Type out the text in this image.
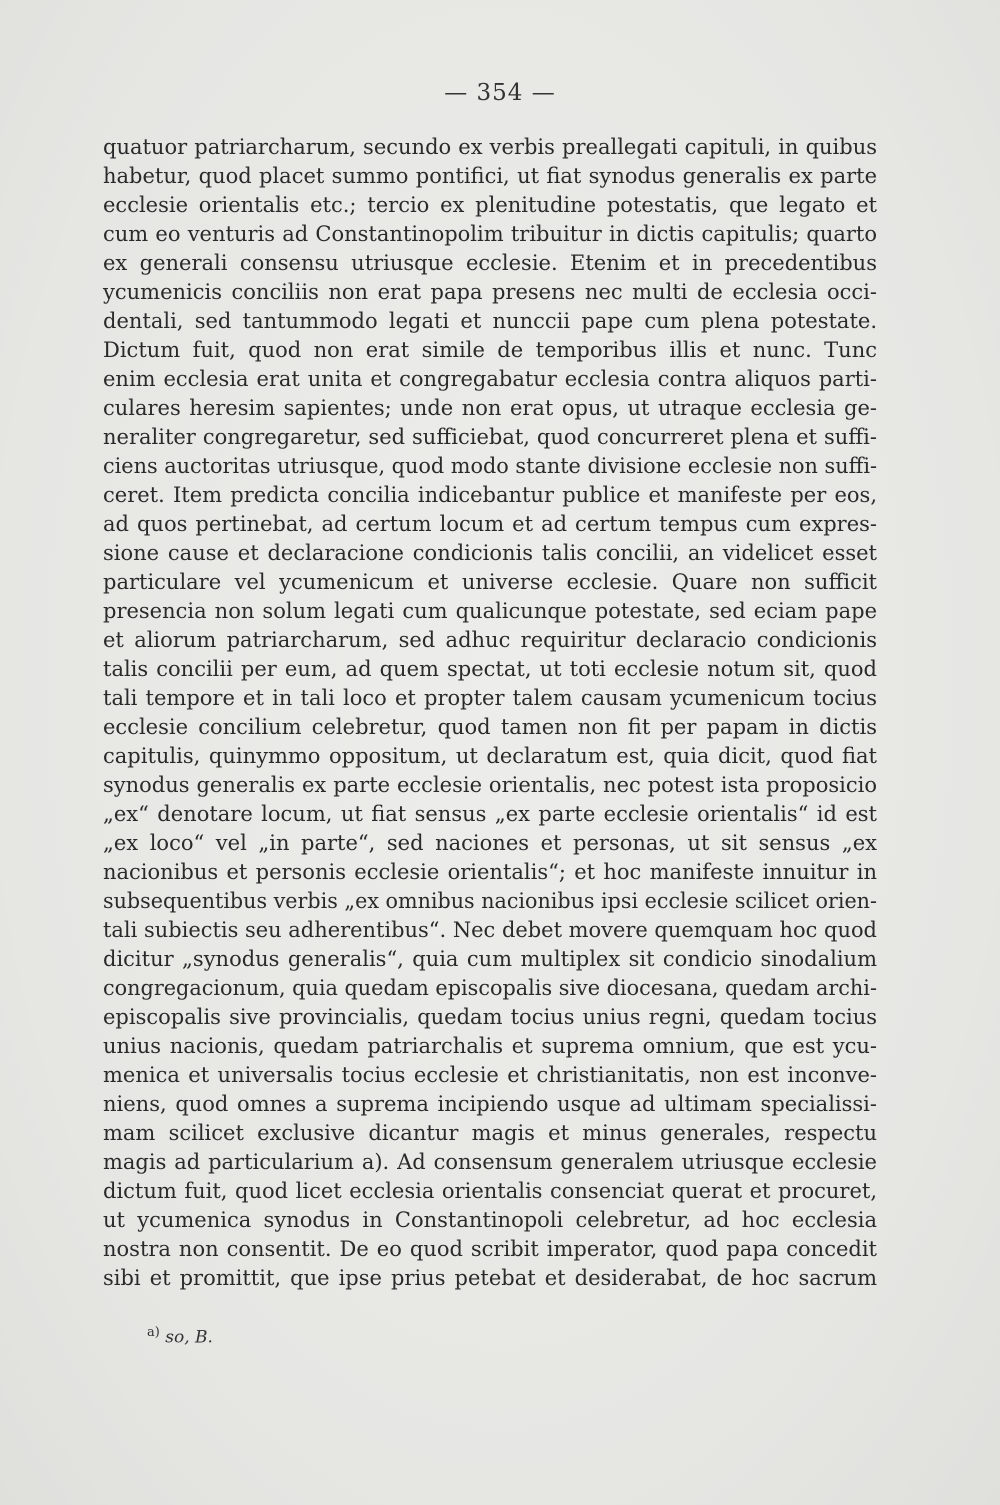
— 354 —
quatuor patriarcharum, secundo ex verbis preallegati capituli, in quibus
habetur, quod placet summo pontifici, ut fiat synodus generalis ex parte
ecclesie orientalis etc.; tercio ex plenitudine potestatis, que legato et
cum eo venturis ad Constantinopolim tribuitur in dictis capitulis; quarto
ex generali consensu utriusque ecclesie. Etenim et in precedentibus
ycumenicis conciliis non erat papa presens nec multi de ecclesia occi-
dentali, sed tantummodo legati et nunccii pape cum plena potestate.
Dictum fuit, quod non erat simile de temporibus illis et nunc. Tunc
enim ecclesia erat unita et congregabatur ecclesia contra aliquos parti-
culares heresim sapientes; unde non erat opus, ut utraque ecclesia ge-
neraliter congregaretur, sed sufficiebat, quod concurreret plena et suffi-
ciens auctoritas utriusque, quod modo stante divisione ecclesie non suffi-
ceret. Item predicta concilia indicebantur publice et manifeste per eos,
ad quos pertinebat, ad certum locum et ad certum tempus cum expres-
sione cause et declaracione condicionis talis concilii, an videlicet esset
particulare vel ycumenicum et universe ecclesie. Quare non sufficit
presencia non solum legati cum qualicunque potestate, sed eciam pape
et aliorum patriarcharum, sed adhuc requiritur declaracio condicionis
talis concilii per eum, ad quem spectat, ut toti ecclesie notum sit, quod
tali tempore et in tali loco et propter talem causam ycumenicum tocius
ecclesie concilium celebretur, quod tamen non fit per papam in dictis
capitulis, quinymmo oppositum, ut declaratum est, quia dicit, quod fiat
synodus generalis ex parte ecclesie orientalis, nec potest ista proposicio
„ex“ denotare locum, ut fiat sensus „ex parte ecclesie orientalis“ id est
„ex loco“ vel „in parte“, sed naciones et personas, ut sit sensus „ex
nacionibus et personis ecclesie orientalis“; et hoc manifeste innuitur in
subsequentibus verbis „ex omnibus nacionibus ipsi ecclesie scilicet orien-
tali subiectis seu adherentibus“. Nec debet movere quemquam hoc quod
dicitur „synodus generalis“, quia cum multiplex sit condicio sinodalium
congregacionum, quia quedam episcopalis sive diocesana, quedam archi-
episcopalis sive provincialis, quedam tocius unius regni, quedam tocius
unius nacionis, quedam patriarchalis et suprema omnium, que est ycu-
menica et universalis tocius ecclesie et christianitatis, non est inconve-
niens, quod omnes a suprema incipiendo usque ad ultimam specialissi-
mam scilicet exclusive dicantur magis et minus generales, respectu
magis ad particularium a). Ad consensum generalem utriusque ecclesie
dictum fuit, quod licet ecclesia orientalis consenciat querat et procuret,
ut ycumenica synodus in Constantinopoli celebretur, ad hoc ecclesia
nostra non consentit. De eo quod scribit imperator, quod papa concedit
sibi et promittit, que ipse prius petebat et desiderabat, de hoc sacrum
$^{a)}$ so, B.
